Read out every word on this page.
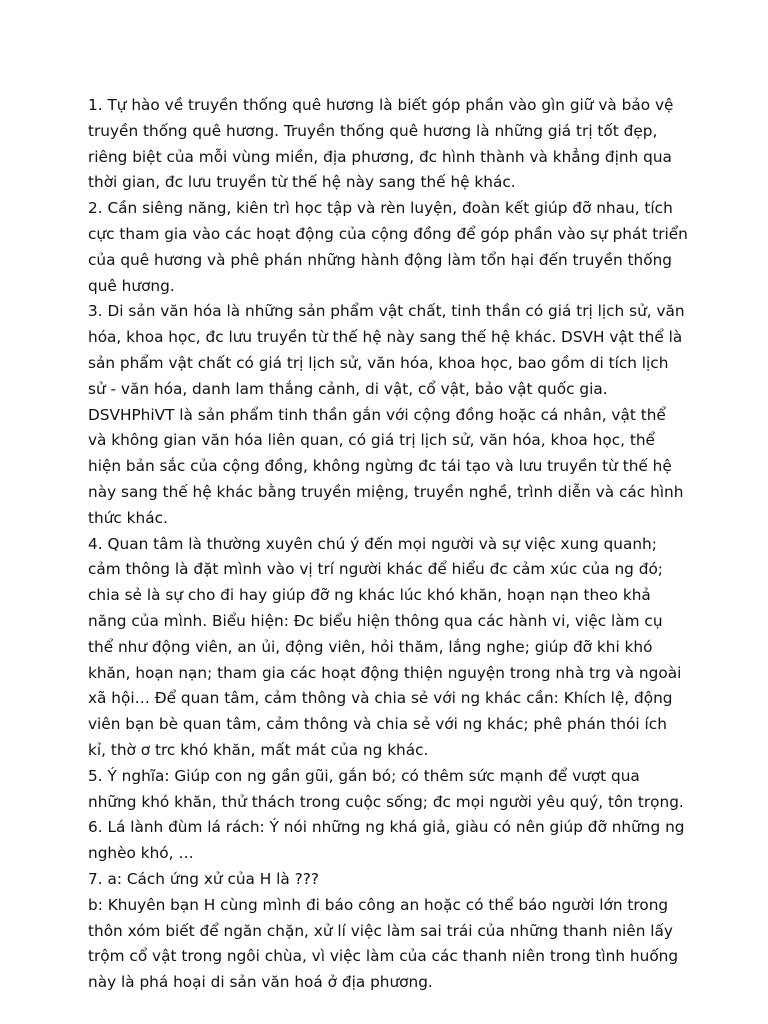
1. Tự hào về truyền thống quê hương là biết góp phần vào gìn giữ và bảo vệ truyền thống quê hương. Truyền thống quê hương là những giá trị tốt đẹp, riêng biệt của mỗi vùng miền, địa phương, đc hình thành và khẳng định qua thời gian, đc lưu truyền từ thế hệ này sang thế hệ khác.

2. Cần siêng năng, kiên trì học tập và rèn luyện, đoàn kết giúp đỡ nhau, tích cực tham gia vào các hoạt động của cộng đồng để góp phần vào sự phát triển của quê hương và phê phán những hành động làm tổn hại đến truyền thống quê hương.

3. Di sản văn hóa là những sản phẩm vật chất, tinh thần có giá trị lịch sử, văn hóa, khoa học, đc lưu truyền từ thế hệ này sang thế hệ khác. DSVH vật thể là sản phẩm vật chất có giá trị lịch sử, văn hóa, khoa học, bao gồm di tích lịch sử - văn hóa, danh lam thắng cảnh, di vật, cổ vật, bảo vật quốc gia. DSVHPhiVT là sản phẩm tinh thần gắn với cộng đồng hoặc cá nhân, vật thể và không gian văn hóa liên quan, có giá trị lịch sử, văn hóa, khoa học, thể hiện bản sắc của cộng đồng, không ngừng đc tái tạo và lưu truyền từ thế hệ này sang thế hệ khác bằng truyền miệng, truyền nghề, trình diễn và các hình thức khác.

4. Quan tâm là thường xuyên chú ý đến mọi người và sự việc xung quanh; cảm thông là đặt mình vào vị trí người khác để hiểu đc cảm xúc của ng đó; chia sẻ là sự cho đi hay giúp đỡ ng khác lúc khó khăn, hoạn nạn theo khả năng của mình. Biểu hiện: Đc biểu hiện thông qua các hành vi, việc làm cụ thể như động viên, an ủi, động viên, hỏi thăm, lắng nghe; giúp đỡ khi khó khăn, hoạn nạn; tham gia các hoạt động thiện nguyện trong nhà trg và ngoài xã hội… Để quan tâm, cảm thông và chia sẻ với ng khác cần: Khích lệ, động viên bạn bè quan tâm, cảm thông và chia sẻ với ng khác; phê phán thói ích kỉ, thờ ơ trc khó khăn, mất mát của ng khác.

5. Ý nghĩa: Giúp con ng gần gũi, gắn bó; có thêm sức mạnh để vượt qua những khó khăn, thử thách trong cuộc sống; đc mọi người yêu quý, tôn trọng.

6. Lá lành đùm lá rách: Ý nói những ng khá giả, giàu có nên giúp đỡ những ng nghèo khó, …

7. a: Cách ứng xử của H là ???

b: Khuyên bạn H cùng mình đi báo công an hoặc có thể báo người lớn trong thôn xóm biết để ngăn chặn, xử lí việc làm sai trái của những thanh niên lấy trộm cổ vật trong ngôi chùa, vì việc làm của các thanh niên trong tình huống này là phá hoại di sản văn hoá ở địa phương.
